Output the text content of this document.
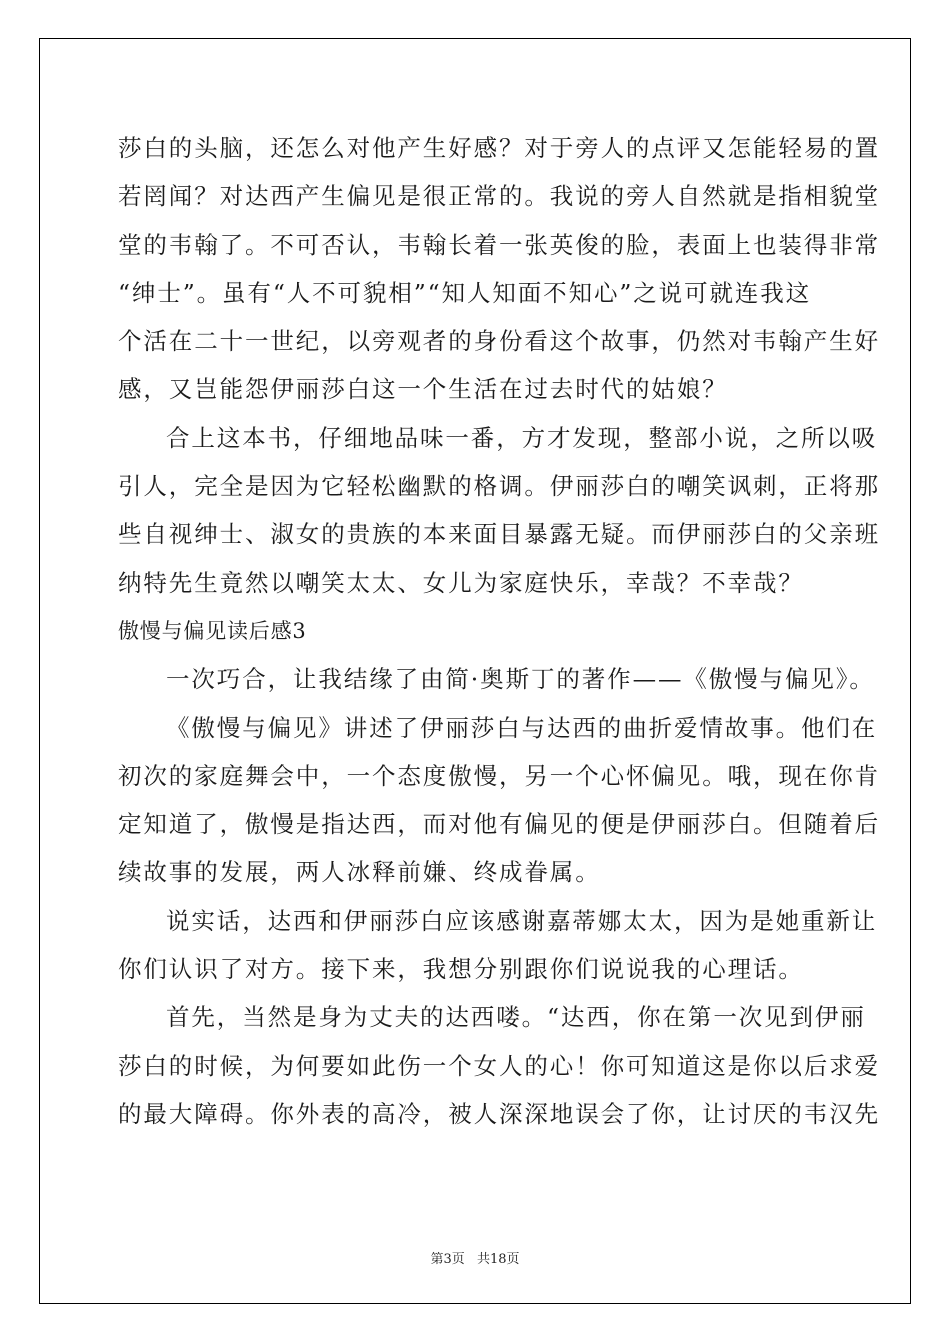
莎白的头脑，还怎么对他产生好感？对于旁人的点评又怎能轻易的置
若罔闻？对达西产生偏见是很正常的。我说的旁人自然就是指相貌堂
堂的韦翰了。不可否认，韦翰长着一张英俊的脸，表面上也装得非常
“绅士”。虽有“人不可貌相”“知人知面不知心”之说可就连我这
个活在二十一世纪，以旁观者的身份看这个故事，仍然对韦翰产生好
感，又岂能怨伊丽莎白这一个生活在过去时代的姑娘？
合上这本书，仔细地品味一番，方才发现，整部小说，之所以吸
引人，完全是因为它轻松幽默的格调。伊丽莎白的嘲笑讽刺，正将那
些自视绅士、淑女的贵族的本来面目暴露无疑。而伊丽莎白的父亲班
纳特先生竟然以嘲笑太太、女儿为家庭快乐，幸哉？不幸哉？
傲慢与偏见读后感3
一次巧合，让我结缘了由简·奥斯丁的著作——《傲慢与偏见》。
《傲慢与偏见》讲述了伊丽莎白与达西的曲折爱情故事。他们在
初次的家庭舞会中，一个态度傲慢，另一个心怀偏见。哦，现在你肯
定知道了，傲慢是指达西，而对他有偏见的便是伊丽莎白。但随着后
续故事的发展，两人冰释前嫌、终成眷属。
说实话，达西和伊丽莎白应该感谢嘉蒂娜太太，因为是她重新让
你们认识了对方。接下来，我想分别跟你们说说我的心理话。
首先，当然是身为丈夫的达西喽。“达西，你在第一次见到伊丽
莎白的时候，为何要如此伤一个女人的心！你可知道这是你以后求爱
的最大障碍。你外表的高冷，被人深深地误会了你，让讨厌的韦汉先
第3页 共18页
